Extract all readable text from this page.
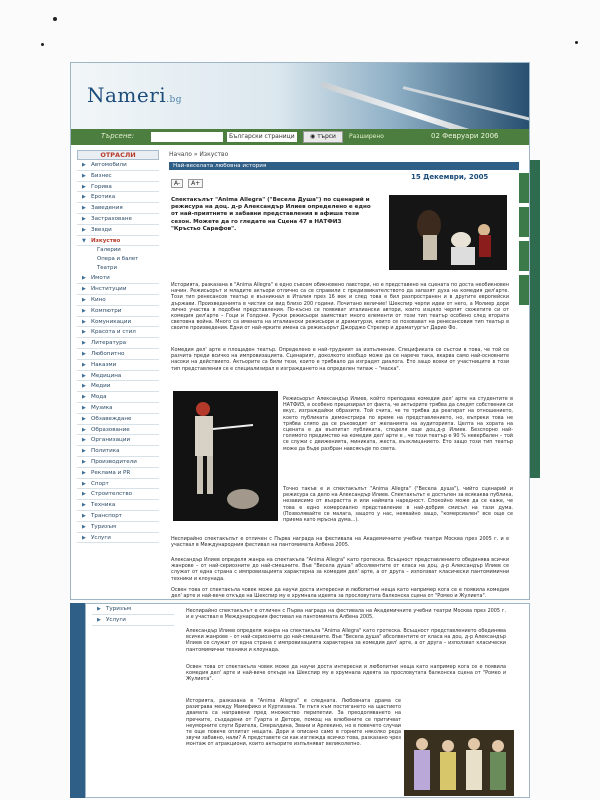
Nameri.bg
Търсене:	Български страници	◉ търси	Разширено	02 Февруари 2006
Начало » Изкуство
ОТРАСЛИ
▶ Автомобили
▶ Бизнес
▶ Горива
▶ Еротика
▶ Заведения
▶ Застраховане
▶ Звезди
▼ Изкуство
Галерии
Опера и балет
Театри
▶ Имоти
▶ Институции
▶ Кино
▶ Компютри
▶ Комуникации
▶ Красота и стил
▶ Литература
▶ Любопитно
▶ Наказми
▶ Медицина
▶ Медии
▶ Мода
▶ Музика
▶ Обзавеждане
▶ Образование
▶ Организации
▶ Политика
▶ Производители
▶ Реклама и PR
▶ Спорт
▶ Строителство
▶ Техника
▶ Транспорт
▶ Туризъм
▶ Услуги
Най-веселата любовна история
A- A+
15 Декември, 2005
Спектакълът "Anima Allegra" ("Весела Душа") по сценарий и режисура на доц. д-р Александър Илиев определено е едно от най-приятните и забавни представления в афиша тези сезон. Можете да го гледате на Сцена 47 в НАТФИЗ "Кръстьо Сарафов".
Историята, разказана в "Anima Allegra" е едно съвсем обикновено лавстори, но е представено на сцената по доста необикновен начин. Режисьорът и младите актьори отлично са се справили с предизвикателството да запазят духа на комедия дел'арте. Този тип ренесансов театър е възникнал в Италия през 16 век и след това е бил разпространен и в другите европейски държави. Произведенията в чистия си вид близо 200 години. Почитано величие! Шекспир черпи идеи от него, а Молиер дори лично участва в подобни представления. По-късно се появяват италиански автори, които изцяло черпят сюжетите си от комедия дел'арте – Гоци и Голдони. Руски режисьори заимстват много елементи от този тип театър особено след втората световна война. Много са имената на италиански режисьори и драматурзи, които се позовават на ренесансовия тип театър в своите произведения. Едни от най-ярките имена са режисьорът Джорджо Стрелер и драматургът Дарио Фо.
Комедия дел' арте е площаден театър. Определено е най-трудният за изпълнение. Спецификата се състои в това, че той се разчита преди всичко на импровизацията. Сценарият, доколкото изобщо може да се нарече така, вкарва само най-основните насоки на действието. Актьорите са били тези, които е трябвало да изградят диалога. Ето защо всеки от участниците в този тип представления се е специализирал в изграждането на определен типаж – "маска".
Режисьорът Александър Илиев, който преподава комедия дел' арте на студентите в НАТФИЗ, е особено прецизирал от факта, че актьорите трябва да следят собствения си вкус, изграждайки образите. Той счита, че те трябва да реагират на отношението, което публиката демонстрира по време на представлението, но, въпреки това не трябва сляпо да се ръководят от желанията на аудиторията. Целта на хората на сцената е да възпитат публиката, споделя още доц.д-р Илиев. Безспорно най-голямото предимство на комедия дел' арте е , че този театър е 90 % невербален – той се служи с движенията, миниката, жеста, възклицанието. Ето защо този тип театър може да бъде разбран навсякъде по света.
Точно такъв е и спектакълът "Anima Allegra" ("Весела душа"), чийто сценарий и режисура са дело на Александър Илиев. Спектакълът е достъпен за всякаква публика, независимо от възрастта и или наймата наредност. Спокойно може да се каже, че това е едно комерсиално представление в най-добрия смисъл на тази дума. (Позволявайте се малага, защото у нас, неявайно защо, "комерсиален" все още се приема като мръсна дума...).
Неспирайно спектакълът е отличен с Първа награда на фестивала на Академичните учебни театри Москва през 2005 г. и е участвал в Международния фестивал на пантомимата Албена 2005.
Александър Илиев определя жанра на спектакъла "Anima Allegra" като гротеска. Всъщност представлението обединява всички жанрове – от най-сериозните до най-смешните. Във "Весела душа" абсолвентите от класа на доц. д-р Александър Илиев се служат от една страна с импровизацията характерна за комедия дел' арте, а от друга – използват класически пантомимични техники и клоунада.
Освен това от спектакъла човек може да научи доста интересни и любопитни неща като например кога се е появила комедия дел' арте и най-вече откъде на Шекспир му е хрумнала идеята за прословутата балконска сцена от "Ромео и Жулиета".
▶ Туризъм
▶ Услуги
Неспирайно спектакълът е отличен с Първа награда на фестивала на Академичните учебни театри Москва през 2005 г. и е участвал в Международния фестивал на пантомимата Албена 2005.
Александър Илиев определя жанра на спектакъла "Anima Allegra" като гротеска. Всъщност представлението обединява всички жанрове – от най-сериозните до най-смешните. Във "Весела душа" абсолвентите от класа на доц. д-р Александър Илиев се служат от една страна с импровизацията характерна за комедия дел' арте, а от друга – използват класически пантомимични техники и клоунада.
Освен това от спектакъла човек може да научи доста интересни и любопитни неща като например кога се е появила комедия дел' арте и най-вече откъде на Шекспир му е хрумнала идеята за прословутата балконска сцена от "Ромео и Жулиета".
Историята, разказана в "Anima Allegra" е следната. Любовната драма се разиграва между Мамефико и Куртизана. Те пътя към постигането на щастието двамата са направени пред множество перипетии. За преодоляването на пречките, създадени от Гуарта и Деторе, помощ на влюбените се притичват неуморните слуги Бригела, Смералдина, Звани и Арлекино, но в повечето случаи те още повече оплитат нещата. Дори и описано само в горните няколко реда звучи забавно, нали? А представете си как изглежда всичко това, разказано чрез монтаж от атракциони, които актьорите изпълняват великолепно.
